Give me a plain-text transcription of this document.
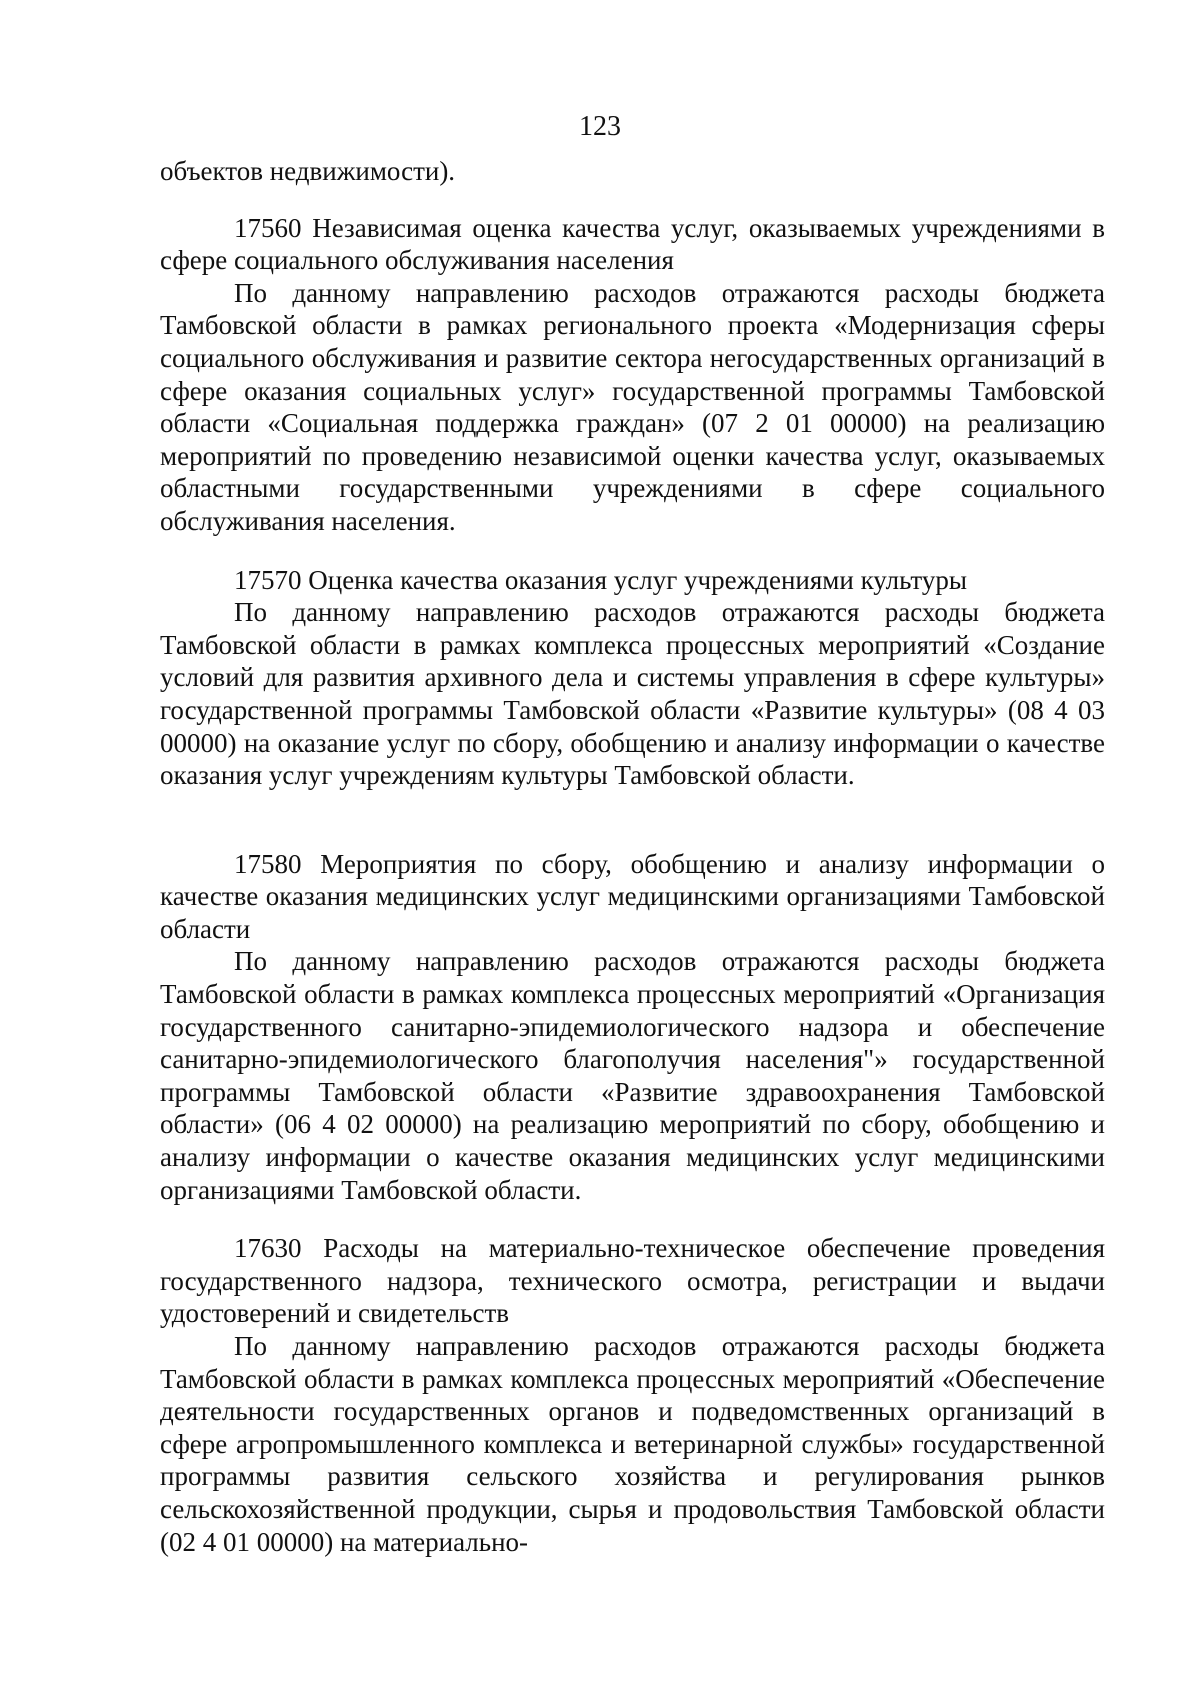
123

объектов недвижимости).

17560 Независимая оценка качества услуг, оказываемых учреждениями в сфере социального обслуживания населения

По данному направлению расходов отражаются расходы бюджета Тамбовской области в рамках регионального проекта «Модернизация сферы социального обслуживания и развитие сектора негосударственных организаций в сфере оказания социальных услуг» государственной программы Тамбовской области «Социальная поддержка граждан» (07 2 01 00000) на реализацию мероприятий по проведению независимой оценки качества услуг, оказываемых областными государственными учреждениями в сфере социального обслуживания населения.

17570 Оценка качества оказания услуг учреждениями культуры

По данному направлению расходов отражаются расходы бюджета Тамбовской области в рамках комплекса процессных мероприятий «Создание условий для развития архивного дела и системы управления в сфере культуры» государственной программы Тамбовской области «Развитие культуры» (08 4 03 00000) на оказание услуг по сбору, обобщению и анализу информации о качестве оказания услуг учреждениям культуры Тамбовской области.

17580 Мероприятия по сбору, обобщению и анализу информации о качестве оказания медицинских услуг медицинскими организациями Тамбовской области

По данному направлению расходов отражаются расходы бюджета Тамбовской области в рамках комплекса процессных мероприятий «Организация государственного санитарно-эпидемиологического надзора и обеспечение санитарно-эпидемиологического благополучия населения"» государственной программы Тамбовской области «Развитие здравоохранения Тамбовской области» (06 4 02 00000) на реализацию мероприятий по сбору, обобщению и анализу информации о качестве оказания медицинских услуг медицинскими организациями Тамбовской области.

17630 Расходы на материально-техническое обеспечение проведения государственного надзора, технического осмотра, регистрации и выдачи удостоверений и свидетельств

По данному направлению расходов отражаются расходы бюджета Тамбовской области в рамках комплекса процессных мероприятий «Обеспечение деятельности государственных органов и подведомственных организаций в сфере агропромышленного комплекса и ветеринарной службы» государственной программы развития сельского хозяйства и регулирования рынков сельскохозяйственной продукции, сырья и продовольствия Тамбовской области (02 4 01 00000) на материально-
